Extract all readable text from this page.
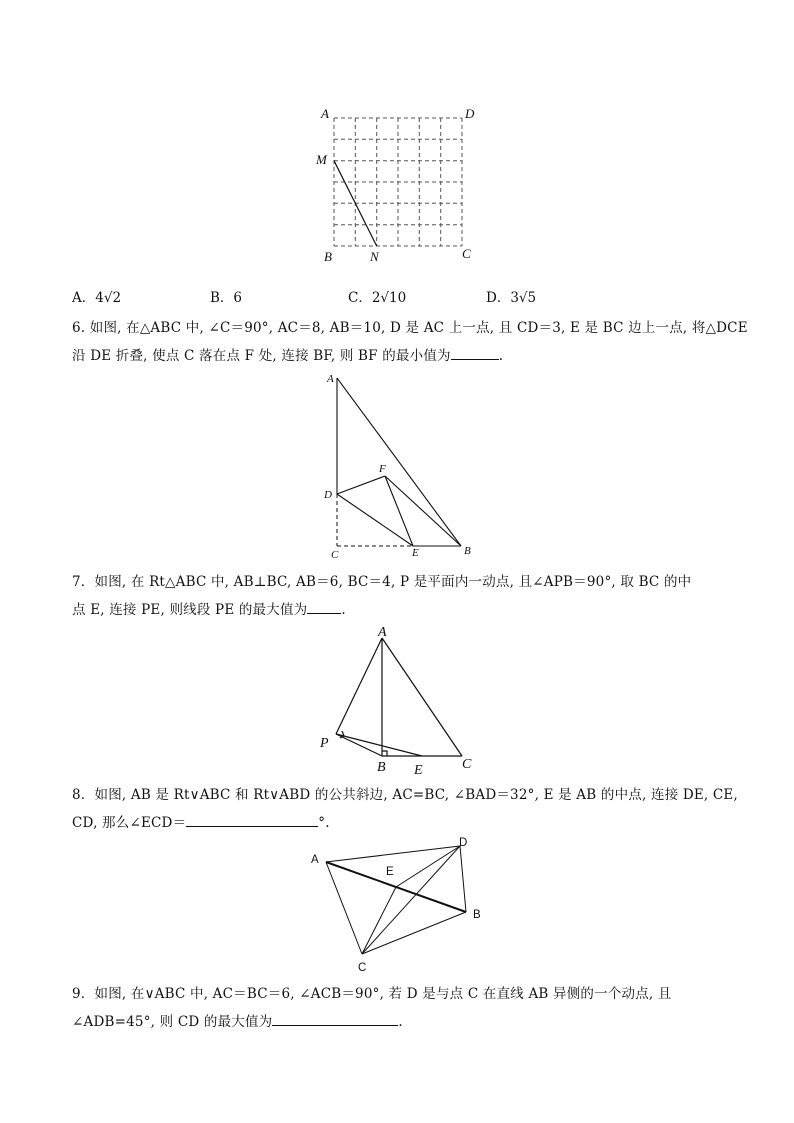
A	D
M
B	N	C
A．4√2	B．6	C．2√10	D．3√5
6. 如图, 在△ABC 中, ∠C＝90°, AC＝8, AB＝10, D 是 AC 上一点, 且 CD＝3, E 是 BC 边上一点, 将△DCE
沿 DE 折叠, 使点 C 落在点 F 处, 连接 BF, 则 BF 的最小值为	.
A
F
D
C	E	B
7．如图, 在 Rt△ABC 中, AB⊥BC, AB＝6, BC＝4, P 是平面内一动点, 且∠APB＝90°, 取 BC 的中
点 E, 连接 PE, 则线段 PE 的最大值为	.
A
P
B E	C
8．如图, AB 是 Rt∨ABC 和 Rt∨ABD 的公共斜边, AC=BC, ∠BAD＝32°, E 是 AB 的中点, 连接 DE, CE,
CD, 那么∠ECD＝	°.
A
D
E
B
C
9．如图, 在∨ABC 中, AC＝BC＝6, ∠ACB＝90°, 若 D 是与点 C 在直线 AB 异侧的一个动点, 且
∠ADB=45°, 则 CD 的最大值为	.
